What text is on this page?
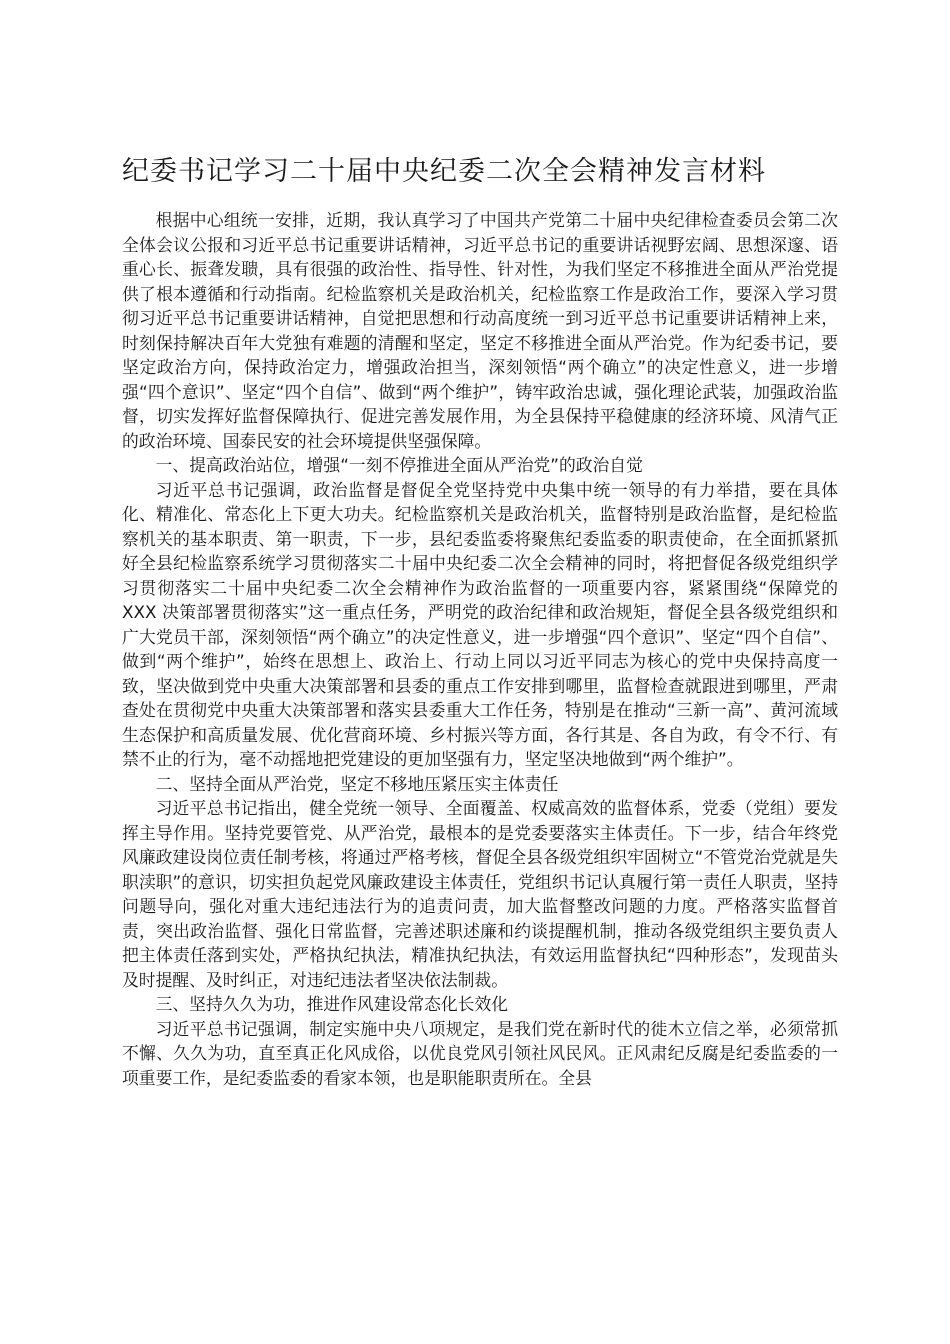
纪委书记学习二十届中央纪委二次全会精神发言材料

根据中心组统一安排，近期，我认真学习了中国共产党第二十届中央纪律检查委员会第二次全体会议公报和习近平总书记重要讲话精神，习近平总书记的重要讲话视野宏阔、思想深邃、语重心长、振聋发聩，具有很强的政治性、指导性、针对性，为我们坚定不移推进全面从严治党提供了根本遵循和行动指南。纪检监察机关是政治机关，纪检监察工作是政治工作，要深入学习贯彻习近平总书记重要讲话精神，自觉把思想和行动高度统一到习近平总书记重要讲话精神上来，时刻保持解决百年大党独有难题的清醒和坚定，坚定不移推进全面从严治党。作为纪委书记，要坚定政治方向，保持政治定力，增强政治担当，深刻领悟“两个确立”的决定性意义，进一步增强“四个意识”、坚定“四个自信”、做到“两个维护”，铸牢政治忠诚，强化理论武装，加强政治监督，切实发挥好监督保障执行、促进完善发展作用，为全县保持平稳健康的经济环境、风清气正的政治环境、国泰民安的社会环境提供坚强保障。

一、提高政治站位，增强“一刻不停推进全面从严治党”的政治自觉

习近平总书记强调，政治监督是督促全党坚持党中央集中统一领导的有力举措，要在具体化、精准化、常态化上下更大功夫。纪检监察机关是政治机关，监督特别是政治监督，是纪检监察机关的基本职责、第一职责，下一步，县纪委监委将聚焦纪委监委的职责使命，在全面抓紧抓好全县纪检监察系统学习贯彻落实二十届中央纪委二次全会精神的同时，将把督促各级党组织学习贯彻落实二十届中央纪委二次全会精神作为政治监督的一项重要内容，紧紧围绕“保障党的 XXX 决策部署贯彻落实”这一重点任务，严明党的政治纪律和政治规矩，督促全县各级党组织和广大党员干部，深刻领悟“两个确立”的决定性意义，进一步增强“四个意识”、坚定“四个自信”、做到“两个维护”，始终在思想上、政治上、行动上同以习近平同志为核心的党中央保持高度一致，坚决做到党中央重大决策部署和县委的重点工作安排到哪里，监督检查就跟进到哪里，严肃查处在贯彻党中央重大决策部署和落实县委重大工作任务，特别是在推动“三新一高”、黄河流域生态保护和高质量发展、优化营商环境、乡村振兴等方面，各行其是、各自为政，有令不行、有禁不止的行为，毫不动摇地把党建设的更加坚强有力，坚定坚决地做到“两个维护”。

二、坚持全面从严治党，坚定不移地压紧压实主体责任

习近平总书记指出，健全党统一领导、全面覆盖、权威高效的监督体系，党委（党组）要发挥主导作用。坚持党要管党、从严治党，最根本的是党委要落实主体责任。下一步，结合年终党风廉政建设岗位责任制考核，将通过严格考核，督促全县各级党组织牢固树立“不管党治党就是失职渎职”的意识，切实担负起党风廉政建设主体责任，党组织书记认真履行第一责任人职责，坚持问题导向，强化对重大违纪违法行为的追责问责，加大监督整改问题的力度。严格落实监督首责，突出政治监督、强化日常监督，完善述职述廉和约谈提醒机制，推动各级党组织主要负责人把主体责任落到实处，严格执纪执法，精准执纪执法，有效运用监督执纪“四种形态”，发现苗头及时提醒、及时纠正，对违纪违法者坚决依法制裁。

三、坚持久久为功，推进作风建设常态化长效化

习近平总书记强调，制定实施中央八项规定，是我们党在新时代的徙木立信之举，必须常抓不懈、久久为功，直至真正化风成俗，以优良党风引领社风民风。正风肃纪反腐是纪委监委的一项重要工作，是纪委监委的看家本领，也是职能职责所在。全县
